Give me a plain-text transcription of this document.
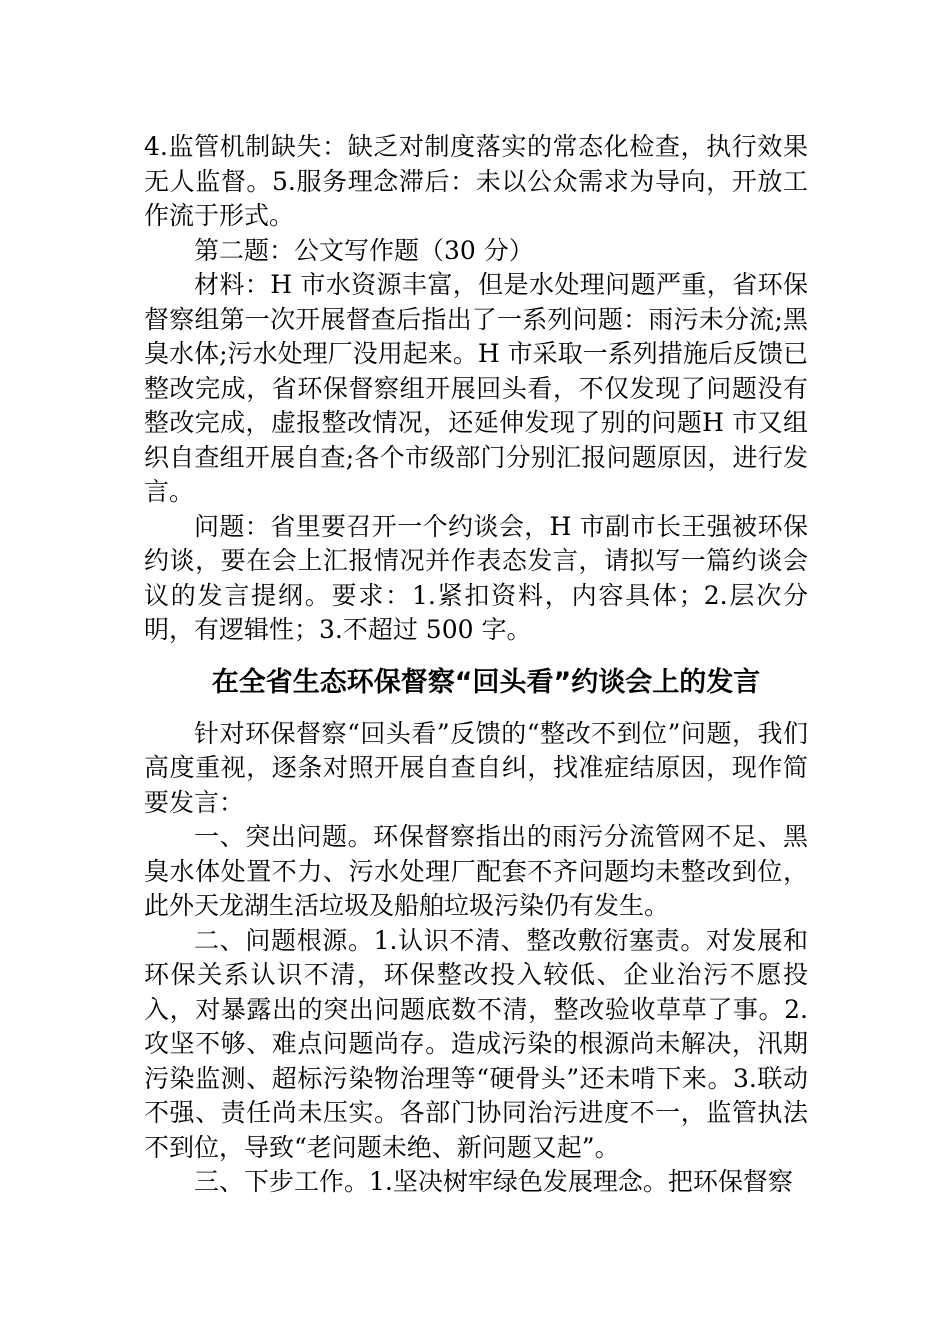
4.监管机制缺失：缺乏对制度落实的常态化检查，执行效果无人监督。5.服务理念滞后：未以公众需求为导向，开放工作流于形式。

第二题：公文写作题（30 分）

材料：H 市水资源丰富，但是水处理问题严重，省环保督察组第一次开展督查后指出了一系列问题：雨污未分流;黑臭水体;污水处理厂没用起来。H 市采取一系列措施后反馈已整改完成，省环保督察组开展回头看，不仅发现了问题没有整改完成，虚报整改情况，还延伸发现了别的问题H 市又组织自查组开展自查;各个市级部门分别汇报问题原因，进行发言。

问题：省里要召开一个约谈会，H 市副市长王强被环保约谈，要在会上汇报情况并作表态发言，请拟写一篇约谈会议的发言提纲。要求：1.紧扣资料，内容具体；2.层次分明，有逻辑性；3.不超过 500 字。

在全省生态环保督察“回头看”约谈会上的发言

针对环保督察“回头看”反馈的“整改不到位”问题，我们高度重视，逐条对照开展自查自纠，找准症结原因，现作简要发言：

一、突出问题。环保督察指出的雨污分流管网不足、黑臭水体处置不力、污水处理厂配套不齐问题均未整改到位，此外天龙湖生活垃圾及船舶垃圾污染仍有发生。

二、问题根源。1.认识不清、整改敷衍塞责。对发展和环保关系认识不清，环保整改投入较低、企业治污不愿投入，对暴露出的突出问题底数不清，整改验收草草了事。2.攻坚不够、难点问题尚存。造成污染的根源尚未解决，汛期污染监测、超标污染物治理等“硬骨头”还未啃下来。3.联动不强、责任尚未压实。各部门协同治污进度不一，监管执法不到位，导致“老问题未绝、新问题又起”。

三、下步工作。1.坚决树牢绿色发展理念。把环保督察
